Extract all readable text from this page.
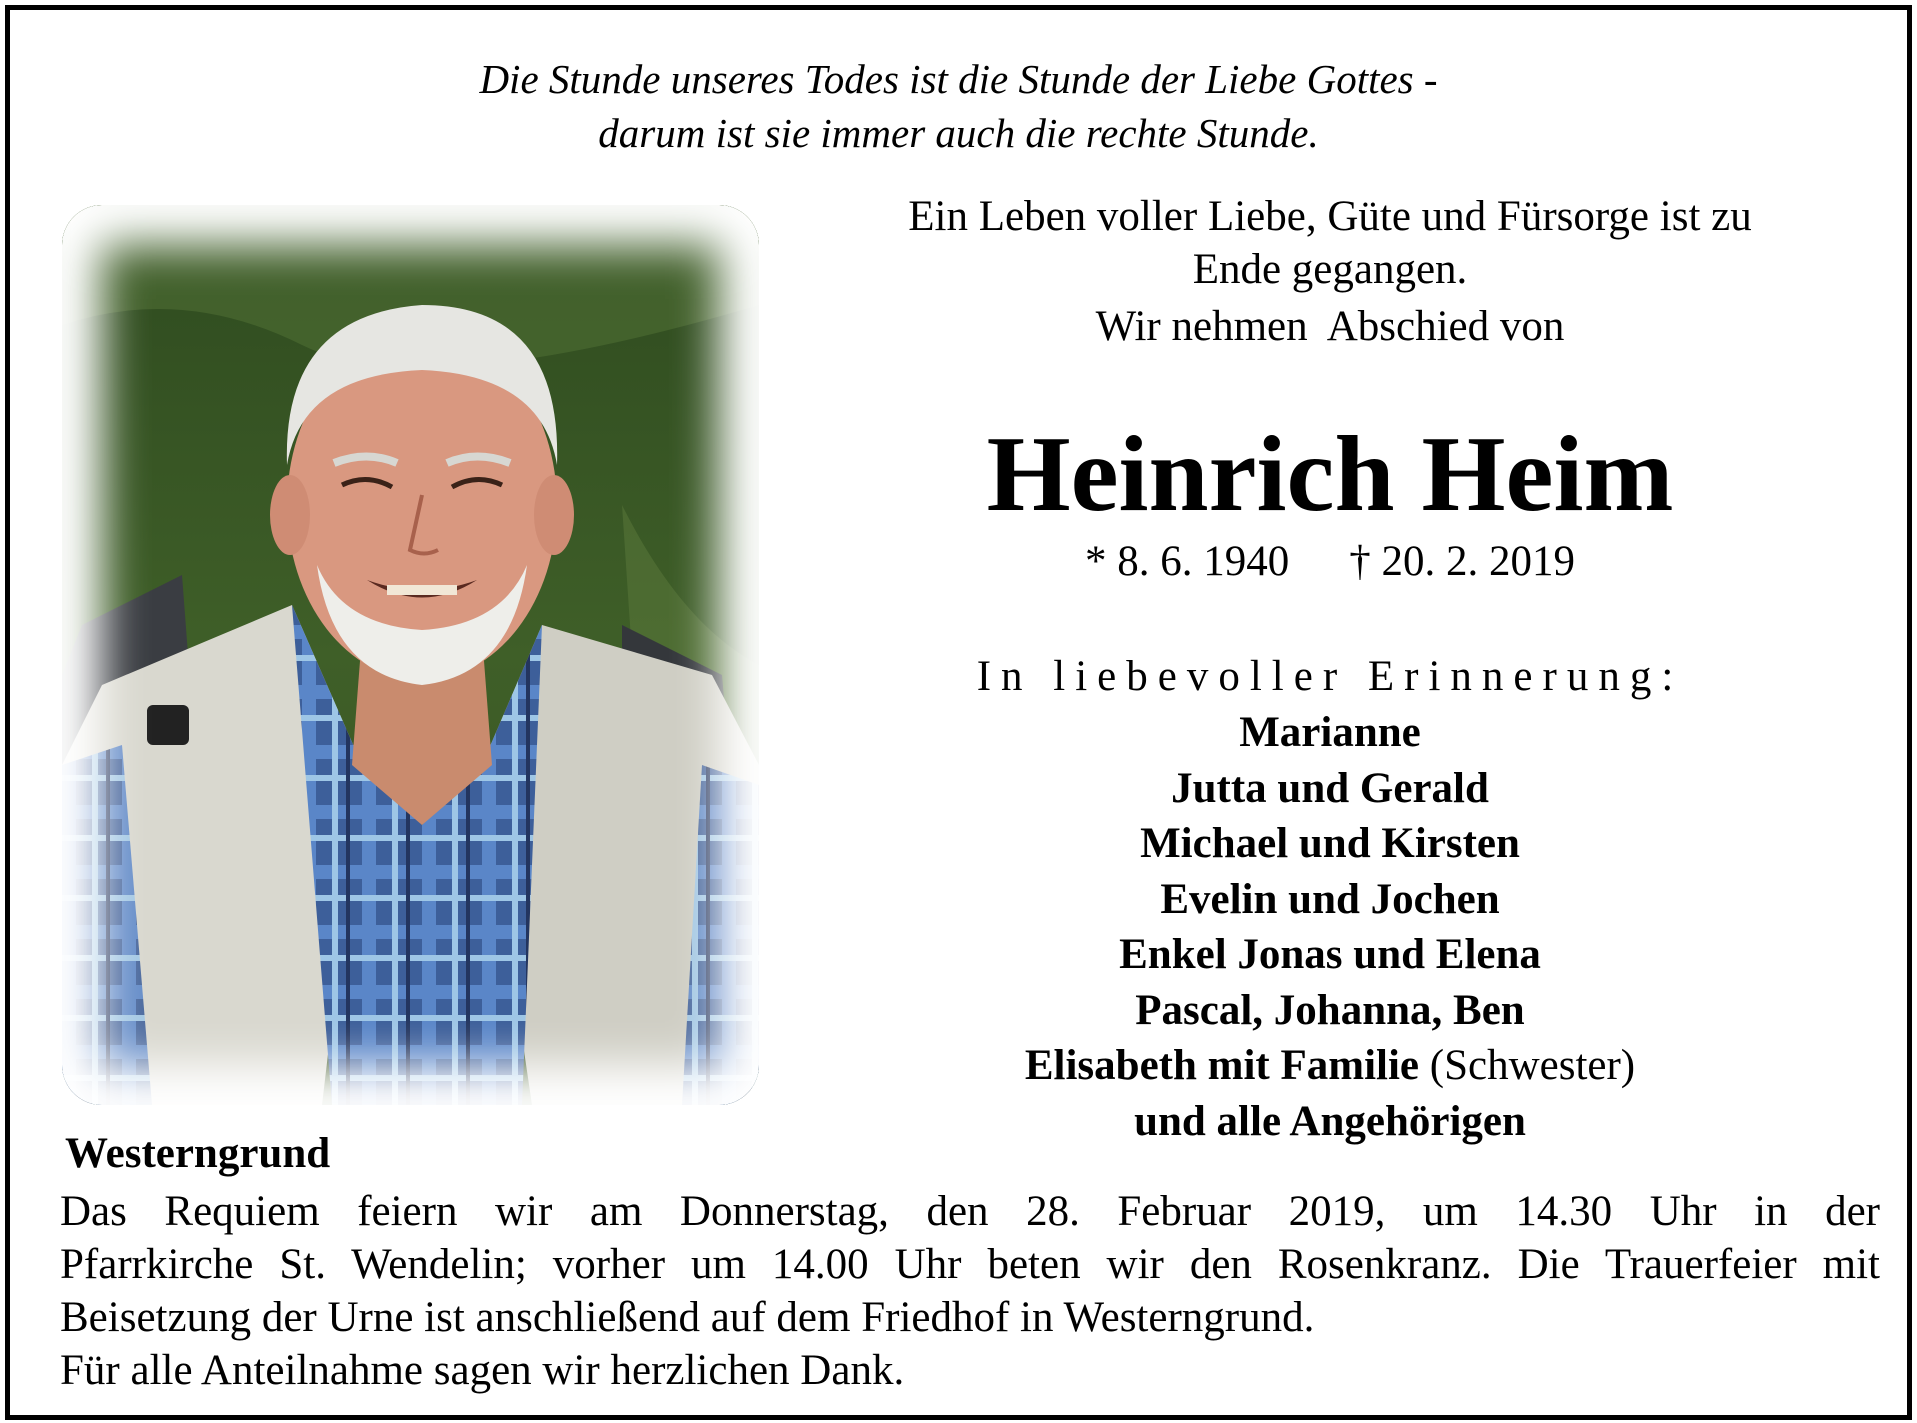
Die Stunde unseres Todes ist die Stunde der Liebe Gottes -
darum ist sie immer auch die rechte Stunde.
Ein Leben voller Liebe, Güte und Fürsorge ist zu
Ende gegangen.
Wir nehmen  Abschied von
Heinrich Heim
* 8. 6. 1940 † 20. 2. 2019
In liebevoller Erinnerung:
Marianne
Jutta und Gerald
Michael und Kirsten
Evelin und Jochen
Enkel Jonas und Elena
Pascal, Johanna, Ben
Elisabeth mit Familie (Schwester)
und alle Angehörigen
Westerngrund
Das Requiem feiern wir am Donnerstag, den 28. Februar 2019, um 14.30 Uhr in der
Pfarrkirche St. Wendelin; vorher um 14.00 Uhr beten wir den Rosenkranz. Die Trauerfeier mit
Beisetzung der Urne ist anschließend auf dem Friedhof in Westerngrund.
Für alle Anteilnahme sagen wir herzlichen Dank.
